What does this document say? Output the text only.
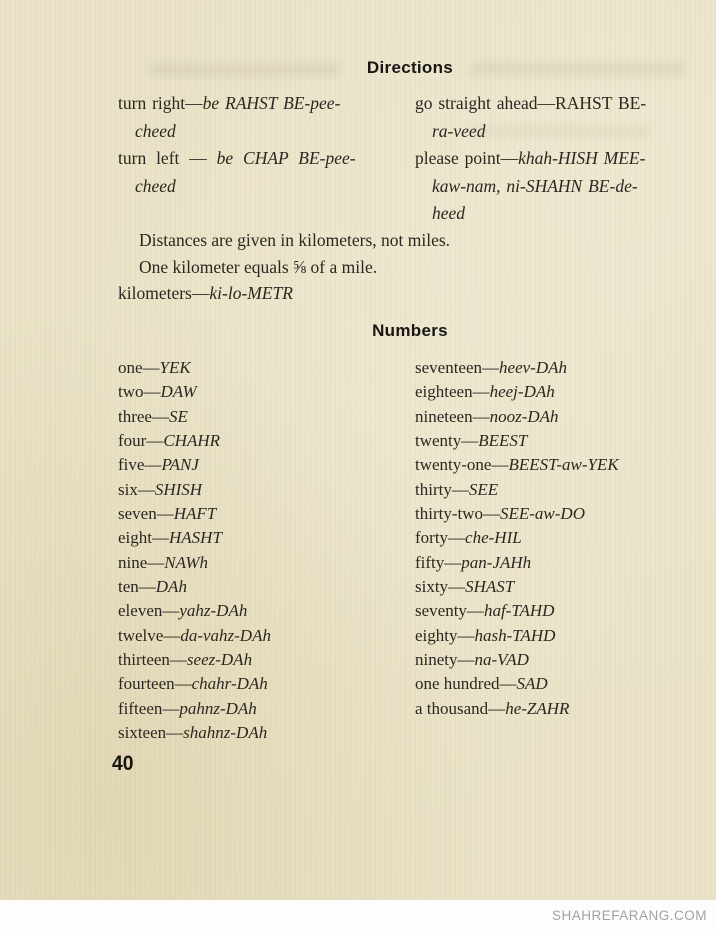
Directions
turn right—be RAHST BE-pee-
cheed
turn left — be CHAP BE-pee-
cheed
go straight ahead—RAHST BE-
ra-veed
please point—khah-HISH MEE-
kaw-nam, ni-SHAHN BE-de-
heed
Distances are given in kilometers, not miles.
One kilometer equals ⅝ of a mile.
kilometers—ki-lo-METR
Numbers
one—YEK
two—DAW
three—SE
four—CHAHR
five—PANJ
six—SHISH
seven—HAFT
eight—HASHT
nine—NAWh
ten—DAh
eleven—yahz-DAh
twelve—da-vahz-DAh
thirteen—seez-DAh
fourteen—chahr-DAh
fifteen—pahnz-DAh
sixteen—shahnz-DAh
seventeen—heev-DAh
eighteen—heej-DAh
nineteen—nooz-DAh
twenty—BEEST
twenty-one—BEEST-aw-YEK
thirty—SEE
thirty-two—SEE-aw-DO
forty—che-HIL
fifty—pan-JAHh
sixty—SHAST
seventy—haf-TAHD
eighty—hash-TAHD
ninety—na-VAD
one hundred—SAD
a thousand—he-ZAHR
40
SHAHREFARANG.COM
